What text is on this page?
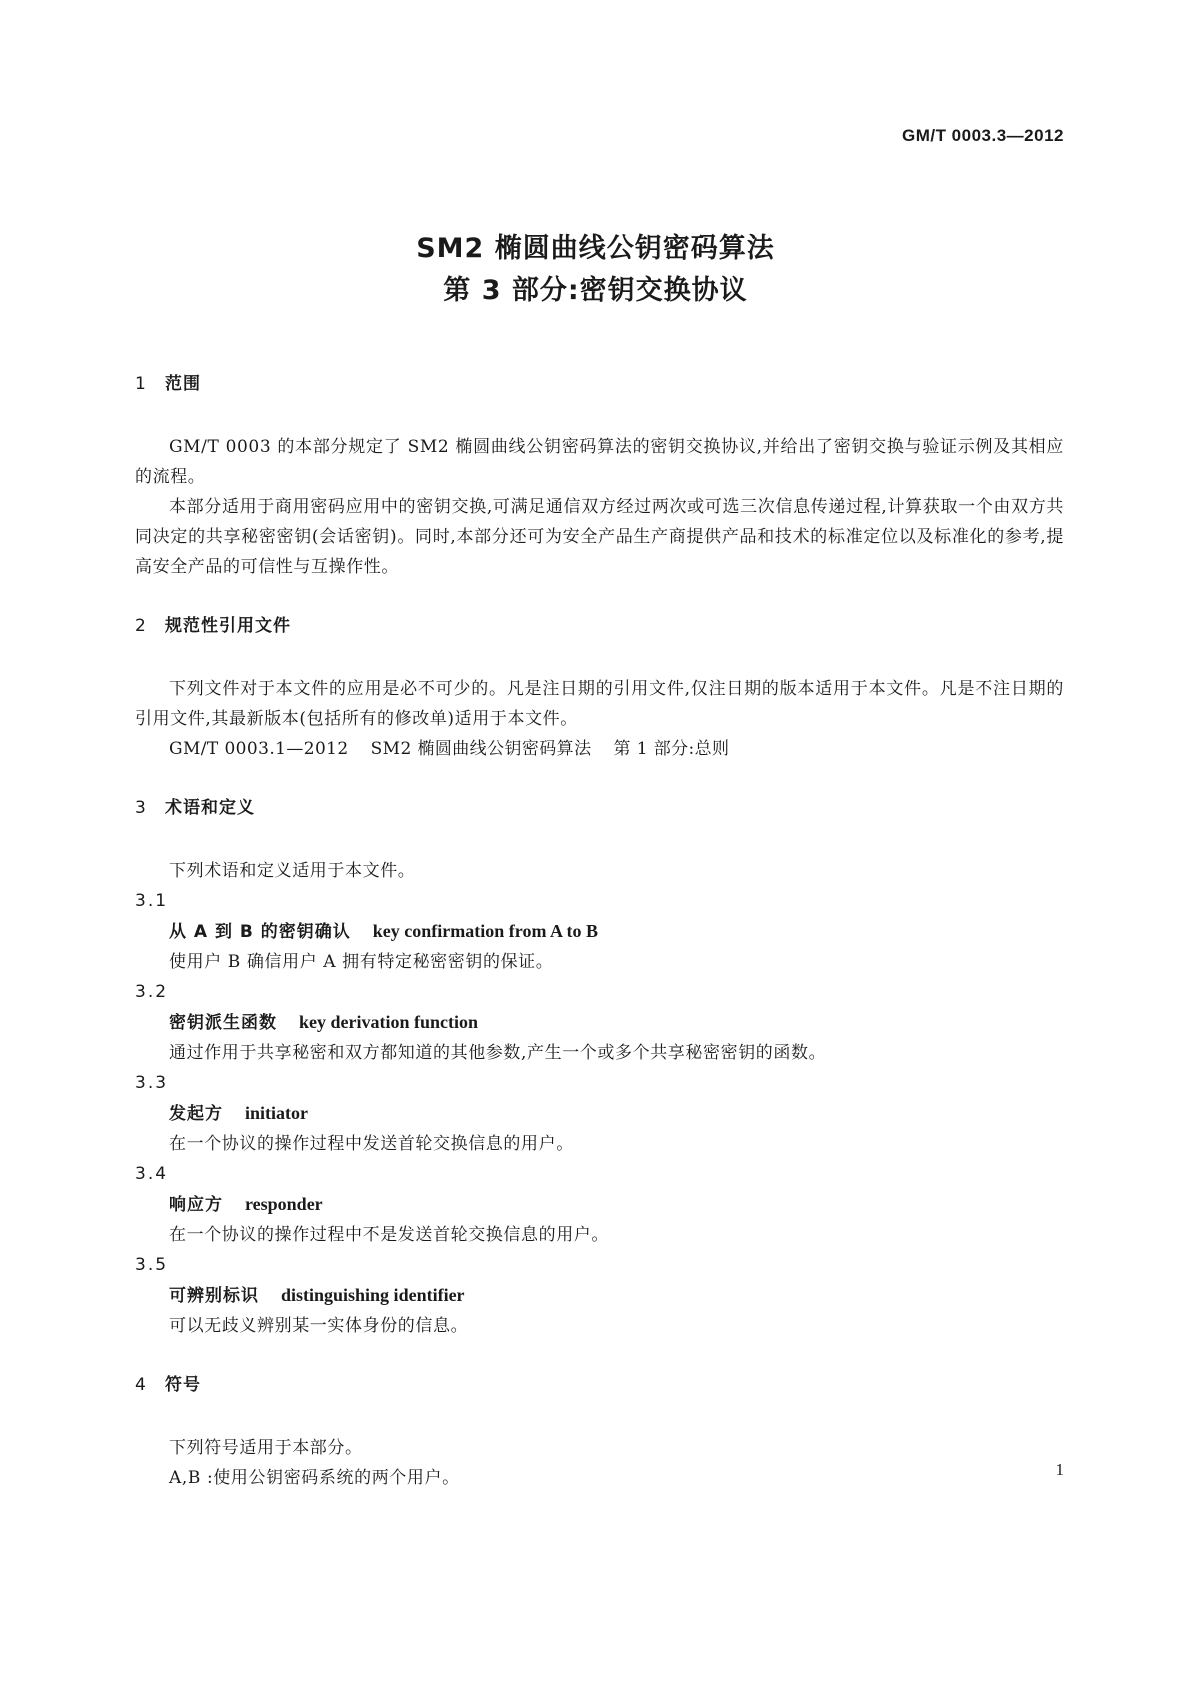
GM/T 0003.3—2012
SM2 椭圆曲线公钥密码算法
第 3 部分:密钥交换协议
1 范围

GM/T 0003 的本部分规定了 SM2 椭圆曲线公钥密码算法的密钥交换协议,并给出了密钥交换与验证示例及其相应的流程。

本部分适用于商用密码应用中的密钥交换,可满足通信双方经过两次或可选三次信息传递过程,计算获取一个由双方共同决定的共享秘密密钥(会话密钥)。同时,本部分还可为安全产品生产商提供产品和技术的标准定位以及标准化的参考,提高安全产品的可信性与互操作性。

2 规范性引用文件

下列文件对于本文件的应用是必不可少的。凡是注日期的引用文件,仅注日期的版本适用于本文件。凡是不注日期的引用文件,其最新版本(包括所有的修改单)适用于本文件。

GM/T 0003.1—2012 SM2 椭圆曲线公钥密码算法 第 1 部分:总则

3 术语和定义

下列术语和定义适用于本文件。

3.1

从 A 到 B 的密钥确认 key confirmation from A to B

使用户 B 确信用户 A 拥有特定秘密密钥的保证。

3.2

密钥派生函数 key derivation function

通过作用于共享秘密和双方都知道的其他参数,产生一个或多个共享秘密密钥的函数。

3.3

发起方 initiator

在一个协议的操作过程中发送首轮交换信息的用户。

3.4

响应方 responder

在一个协议的操作过程中不是发送首轮交换信息的用户。

3.5

可辨别标识 distinguishing identifier

可以无歧义辨别某一实体身份的信息。

4 符号

下列符号适用于本部分。

A,B :使用公钥密码系统的两个用户。	1
